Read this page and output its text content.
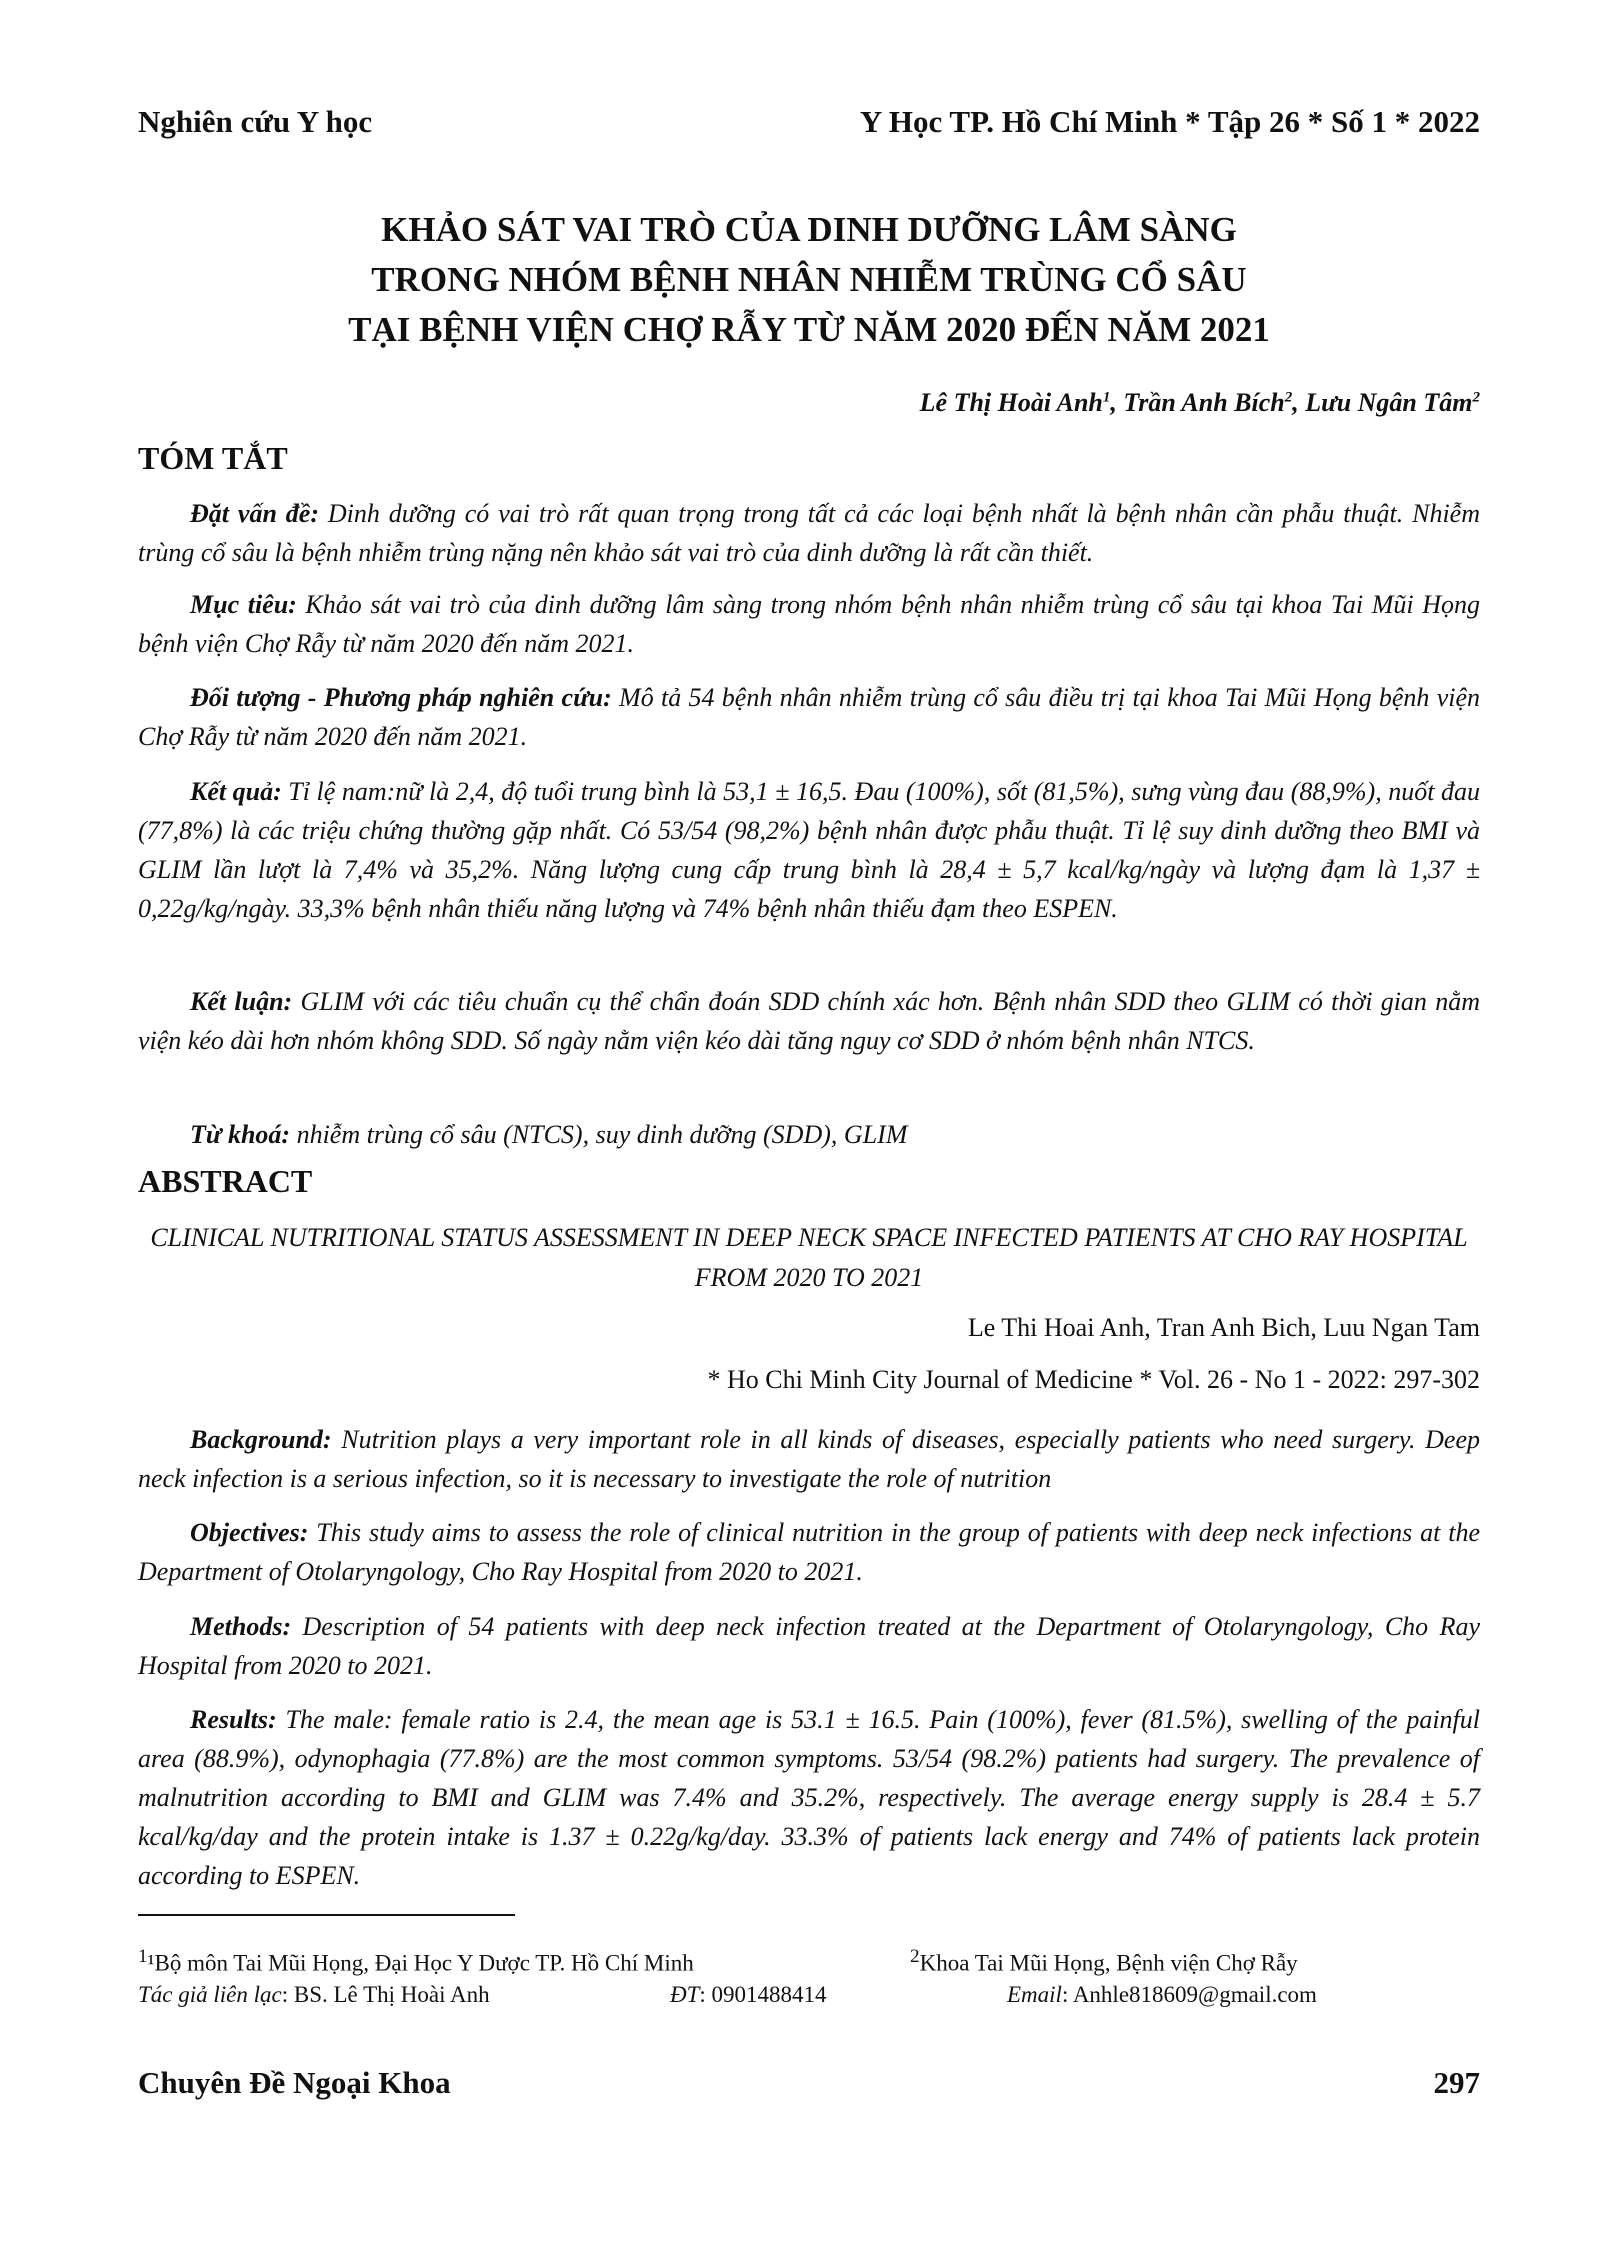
Nghiên cứu Y học	Y Học TP. Hồ Chí Minh * Tập 26 * Số 1 * 2022
KHẢO SÁT VAI TRÒ CỦA DINH DƯỠNG LÂM SÀNG
TRONG NHÓM BỆNH NHÂN NHIỄM TRÙNG CỔ SÂU
TẠI BỆNH VIỆN CHỢ RẪY TỪ NĂM 2020 ĐẾN NĂM 2021
Lê Thị Hoài Anh$^1$, Trần Anh Bích$^2$, Lưu Ngân Tâm$^2$
TÓM TẮT
Đặt vấn đề: Dinh dưỡng có vai trò rất quan trọng trong tất cả các loại bệnh nhất là bệnh nhân cần phẫu thuật. Nhiễm trùng cổ sâu là bệnh nhiễm trùng nặng nên khảo sát vai trò của dinh dưỡng là rất cần thiết.
Mục tiêu: Khảo sát vai trò của dinh dưỡng lâm sàng trong nhóm bệnh nhân nhiễm trùng cổ sâu tại khoa Tai Mũi Họng bệnh viện Chợ Rẫy từ năm 2020 đến năm 2021.
Đối tượng - Phương pháp nghiên cứu: Mô tả 54 bệnh nhân nhiễm trùng cổ sâu điều trị tại khoa Tai Mũi Họng bệnh viện Chợ Rẫy từ năm 2020 đến năm 2021.
Kết quả: Tỉ lệ nam:nữ là 2,4, độ tuổi trung bình là 53,1 ± 16,5. Đau (100%), sốt (81,5%), sưng vùng đau (88,9%), nuốt đau (77,8%) là các triệu chứng thường gặp nhất. Có 53/54 (98,2%) bệnh nhân được phẫu thuật. Tỉ lệ suy dinh dưỡng theo BMI và GLIM lần lượt là 7,4% và 35,2%. Năng lượng cung cấp trung bình là 28,4 ± 5,7 kcal/kg/ngày và lượng đạm là 1,37 ± 0,22g/kg/ngày. 33,3% bệnh nhân thiếu năng lượng và 74% bệnh nhân thiếu đạm theo ESPEN.
Kết luận: GLIM với các tiêu chuẩn cụ thể chẩn đoán SDD chính xác hơn. Bệnh nhân SDD theo GLIM có thời gian nằm viện kéo dài hơn nhóm không SDD. Số ngày nằm viện kéo dài tăng nguy cơ SDD ở nhóm bệnh nhân NTCS.
Từ khoá: nhiễm trùng cổ sâu (NTCS), suy dinh dưỡng (SDD), GLIM
ABSTRACT
CLINICAL NUTRITIONAL STATUS ASSESSMENT IN DEEP NECK SPACE INFECTED PATIENTS AT CHO RAY HOSPITAL FROM 2020 TO 2021
Le Thi Hoai Anh, Tran Anh Bich, Luu Ngan Tam
* Ho Chi Minh City Journal of Medicine * Vol. 26 - No 1 - 2022: 297-302
Background: Nutrition plays a very important role in all kinds of diseases, especially patients who need surgery. Deep neck infection is a serious infection, so it is necessary to investigate the role of nutrition
Objectives: This study aims to assess the role of clinical nutrition in the group of patients with deep neck infections at the Department of Otolaryngology, Cho Ray Hospital from 2020 to 2021.
Methods: Description of 54 patients with deep neck infection treated at the Department of Otolaryngology, Cho Ray Hospital from 2020 to 2021.
Results: The male: female ratio is 2.4, the mean age is 53.1 ± 16.5. Pain (100%), fever (81.5%), swelling of the painful area (88.9%), odynophagia (77.8%) are the most common symptoms. 53/54 (98.2%) patients had surgery. The prevalence of malnutrition according to BMI and GLIM was 7.4% and 35.2%, respectively. The average energy supply is 28.4 ± 5.7 kcal/kg/day and the protein intake is 1.37 ± 0.22g/kg/day. 33.3% of patients lack energy and 74% of patients lack protein according to ESPEN.
$^1$¹Bộ môn Tai Mũi Họng, Đại Học Y Dược TP. Hồ Chí Minh	$^2$Khoa Tai Mũi Họng, Bệnh viện Chợ Rẫy
Tác giả liên lạc: BS. Lê Thị Hoài Anh	ĐT: 0901488414	Email: Anhle818609@gmail.com
Chuyên Đề Ngoại Khoa	297
